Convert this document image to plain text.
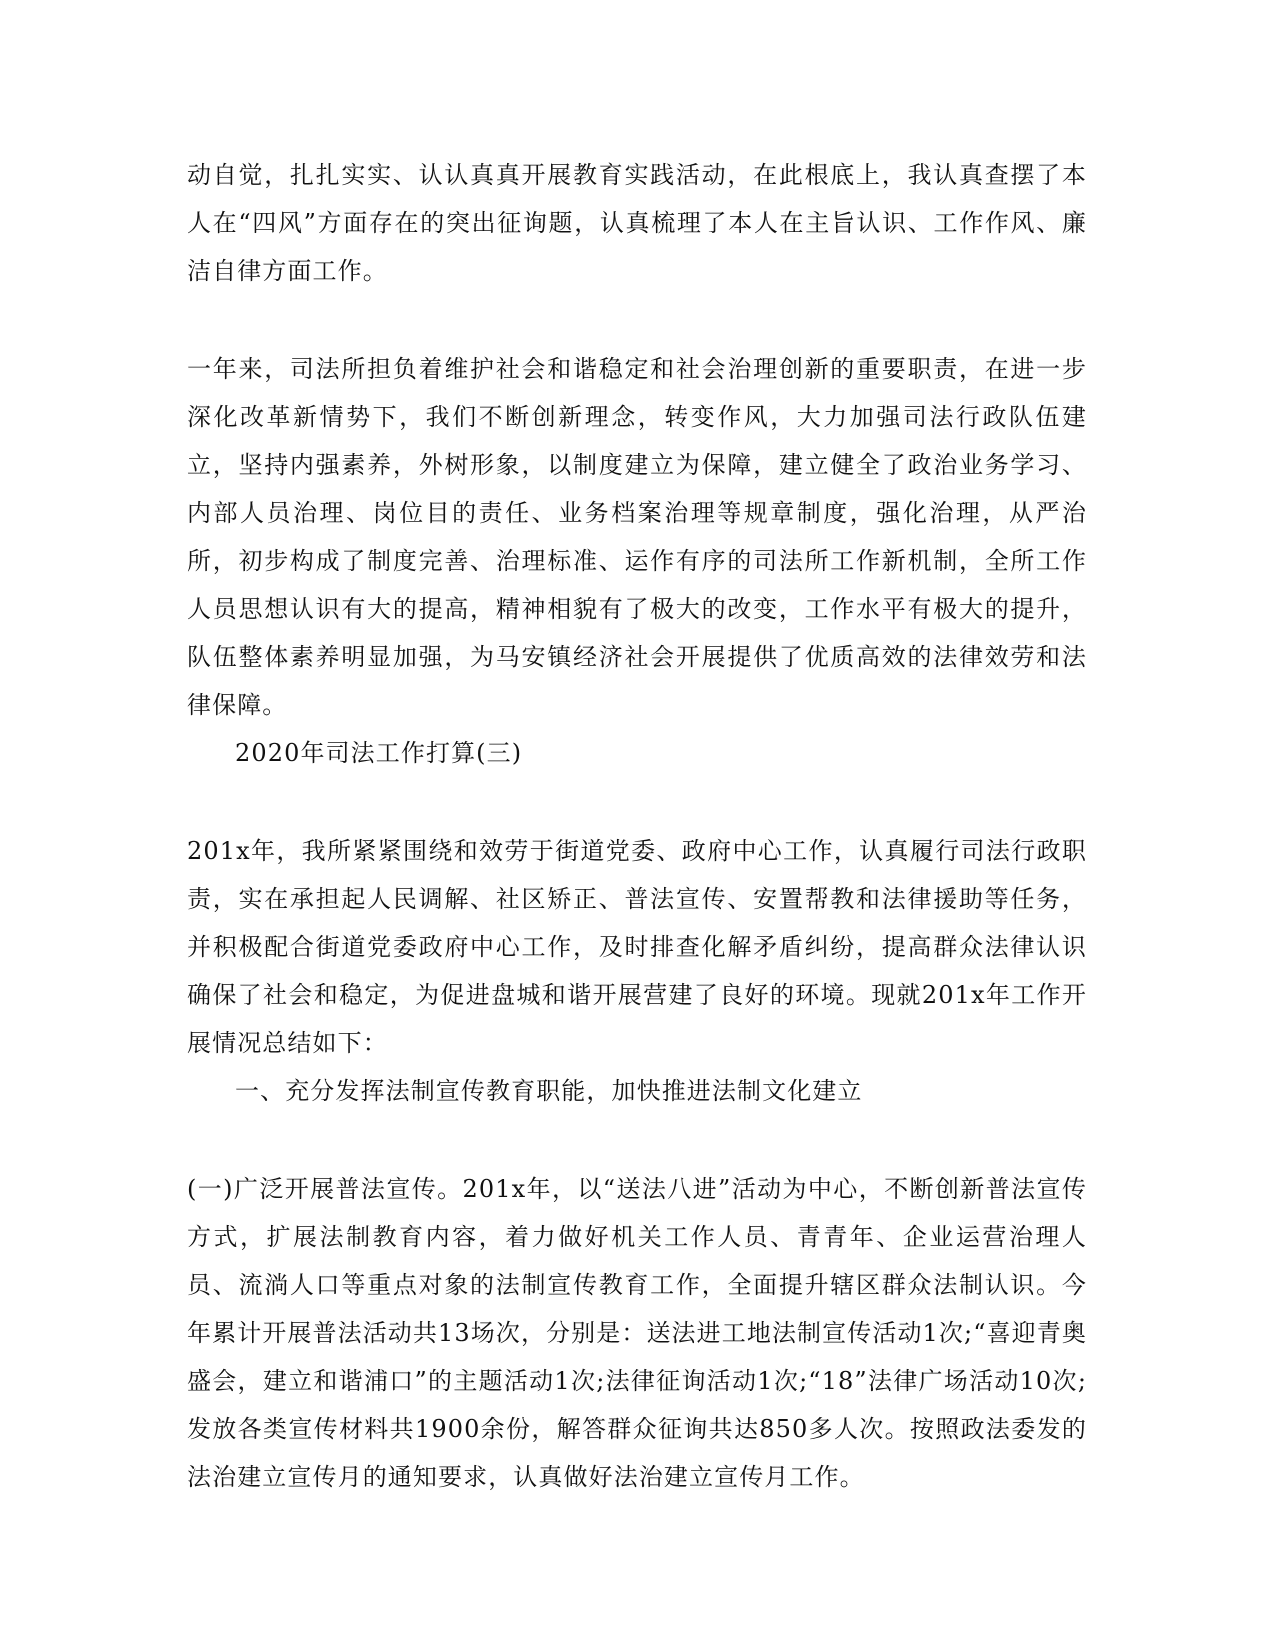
动自觉，扎扎实实、认认真真开展教育实践活动，在此根底上，我认真查摆了本人在“四风”方面存在的突出征询题，认真梳理了本人在主旨认识、工作作风、廉洁自律方面工作。

一年来，司法所担负着维护社会和谐稳定和社会治理创新的重要职责，在进一步深化改革新情势下，我们不断创新理念，转变作风，大力加强司法行政队伍建立，坚持内强素养，外树形象，以制度建立为保障，建立健全了政治业务学习、内部人员治理、岗位目的责任、业务档案治理等规章制度，强化治理，从严治所，初步构成了制度完善、治理标准、运作有序的司法所工作新机制，全所工作人员思想认识有大的提高，精神相貌有了极大的改变，工作水平有极大的提升，队伍整体素养明显加强，为马安镇经济社会开展提供了优质高效的法律效劳和法律保障。

2020年司法工作打算(三)

201x年，我所紧紧围绕和效劳于街道党委、政府中心工作，认真履行司法行政职责，实在承担起人民调解、社区矫正、普法宣传、安置帮教和法律援助等任务，并积极配合街道党委政府中心工作，及时排查化解矛盾纠纷，提高群众法律认识确保了社会和稳定，为促进盘城和谐开展营建了良好的环境。现就201x年工作开展情况总结如下：

一、充分发挥法制宣传教育职能，加快推进法制文化建立

(一)广泛开展普法宣传。201x年，以“送法八进”活动为中心，不断创新普法宣传方式，扩展法制教育内容，着力做好机关工作人员、青青年、企业运营治理人员、流淌人口等重点对象的法制宣传教育工作，全面提升辖区群众法制认识。今年累计开展普法活动共13场次，分别是：送法进工地法制宣传活动1次;“喜迎青奥盛会，建立和谐浦口”的主题活动1次;法律征询活动1次;“18”法律广场活动10次;发放各类宣传材料共1900余份，解答群众征询共达850多人次。按照政法委发的法治建立宣传月的通知要求，认真做好法治建立宣传月工作。
